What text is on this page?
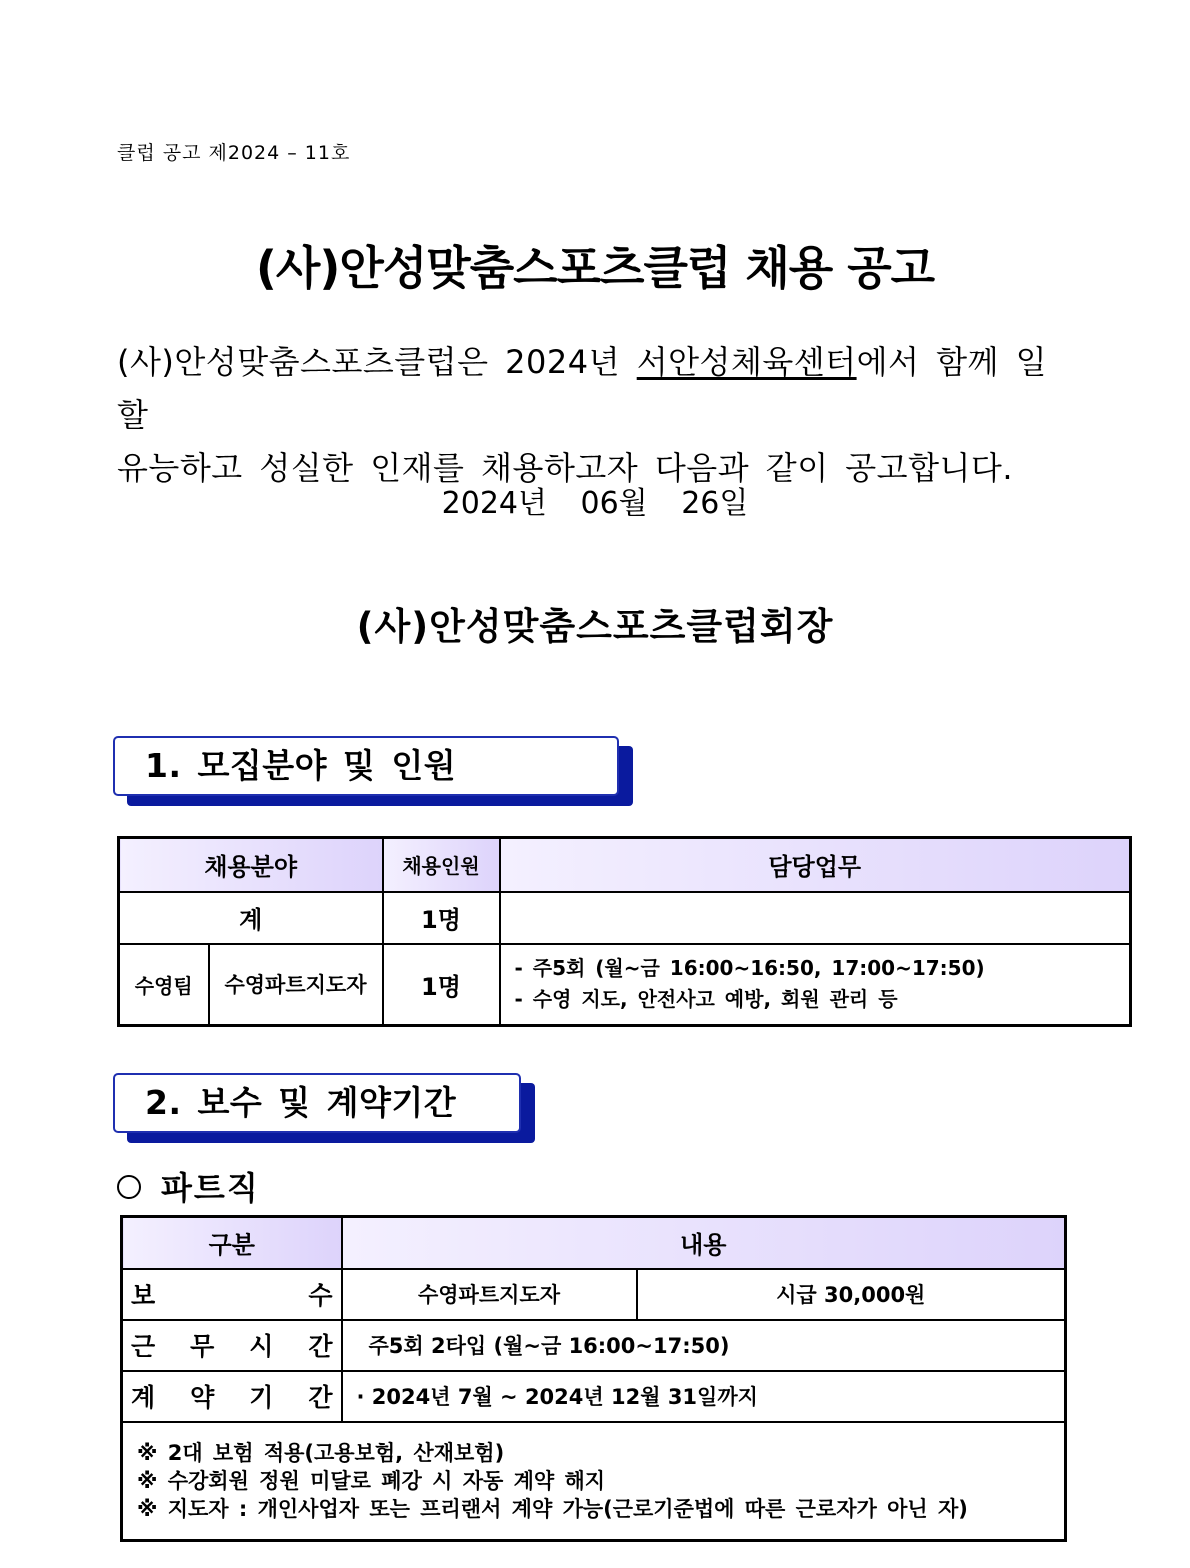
클럽 공고 제2024 – 11호
(사)안성맞춤스포츠클럽 채용 공고
(사)안성맞춤스포츠클럽은 2024년 서안성체육센터에서 함께 일할
유능하고 성실한 인재를 채용하고자 다음과 같이 공고합니다.
2024년 06월 26일
(사)안성맞춤스포츠클럽회장
1. 모집분야 및 인원
채용분야		채용인원	담당업무
계		1명	
수영팀	수영파트지도자	1명	- 주5회 (월~금 16:00~16:50, 17:00~17:50)
- 수영 지도, 안전사고 예방, 회원 관리 등
2. 보수 및 계약기간
파트직
구분	내용	

보 수	수영파트지도자	시급 30,000원

근 무 시 간	주5회 2타입 (월~금 16:00~17:50)	

계 약 기 간	· 2024년 7월 ~ 2024년 12월 31일까지	

※ 2대 보험 적용(고용보험, 산재보험)
※ 수강회원 정원 미달로 폐강 시 자동 계약 해지
※ 지도자 : 개인사업자 또는 프리랜서 계약 가능(근로기준법에 따른 근로자가 아닌 자)		
